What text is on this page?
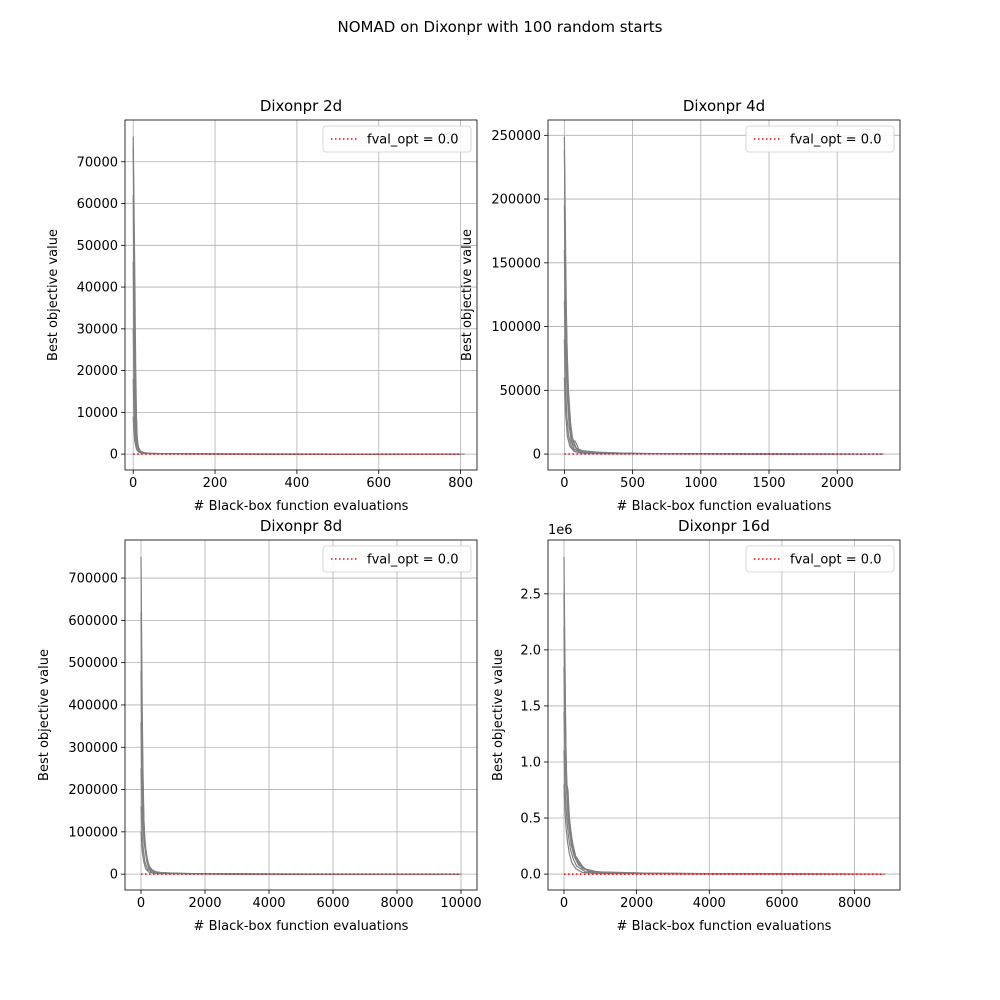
NOMAD on Dixonpr with 100 random starts
0	200	400	600	800
0
10000
20000
30000
40000
50000
60000
70000
Dixonpr 2d
# Black-box function evaluations
Best objective value
fval_opt = 0.0
0	500	1000	1500	2000
0
50000
100000
150000
200000
250000
Dixonpr 4d
# Black-box function evaluations
Best objective value
fval_opt = 0.0
0	2000 4000 6000 8000 10000
0
100000
200000
300000
400000
500000
600000
700000
Dixonpr 8d
# Black-box function evaluations
Best objective value
fval_opt = 0.0
0	2000	4000	6000	8000
0.0
0.5
1.0
1.5
2.0
2.5
1e6	Dixonpr 16d
# Black-box function evaluations
Best objective value
fval_opt = 0.0
